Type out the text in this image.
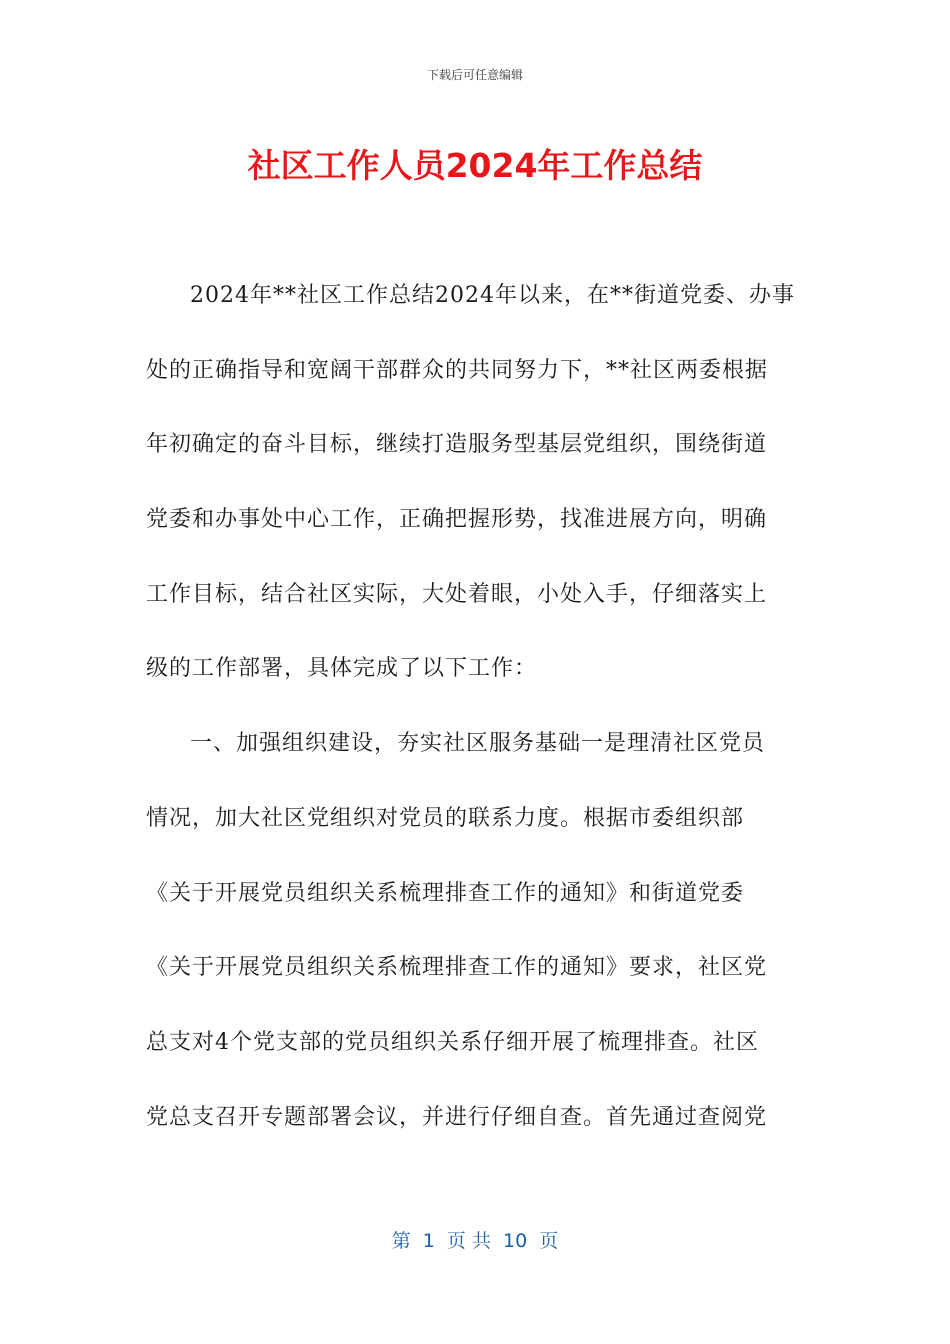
下载后可任意编辑
社区工作人员2024年工作总结
2024年**社区工作总结2024年以来，在**街道党委、办事
处的正确指导和宽阔干部群众的共同努力下，**社区两委根据
年初确定的奋斗目标，继续打造服务型基层党组织，围绕街道
党委和办事处中心工作，正确把握形势，找准进展方向，明确
工作目标，结合社区实际，大处着眼，小处入手，仔细落实上
级的工作部署，具体完成了以下工作：
一、加强组织建设，夯实社区服务基础一是理清社区党员
情况，加大社区党组织对党员的联系力度。根据市委组织部
《关于开展党员组织关系梳理排查工作的通知》和街道党委
《关于开展党员组织关系梳理排查工作的通知》要求，社区党
总支对4个党支部的党员组织关系仔细开展了梳理排查。社区
党总支召开专题部署会议，并进行仔细自查。首先通过查阅党
第  1  页 共  10  页
